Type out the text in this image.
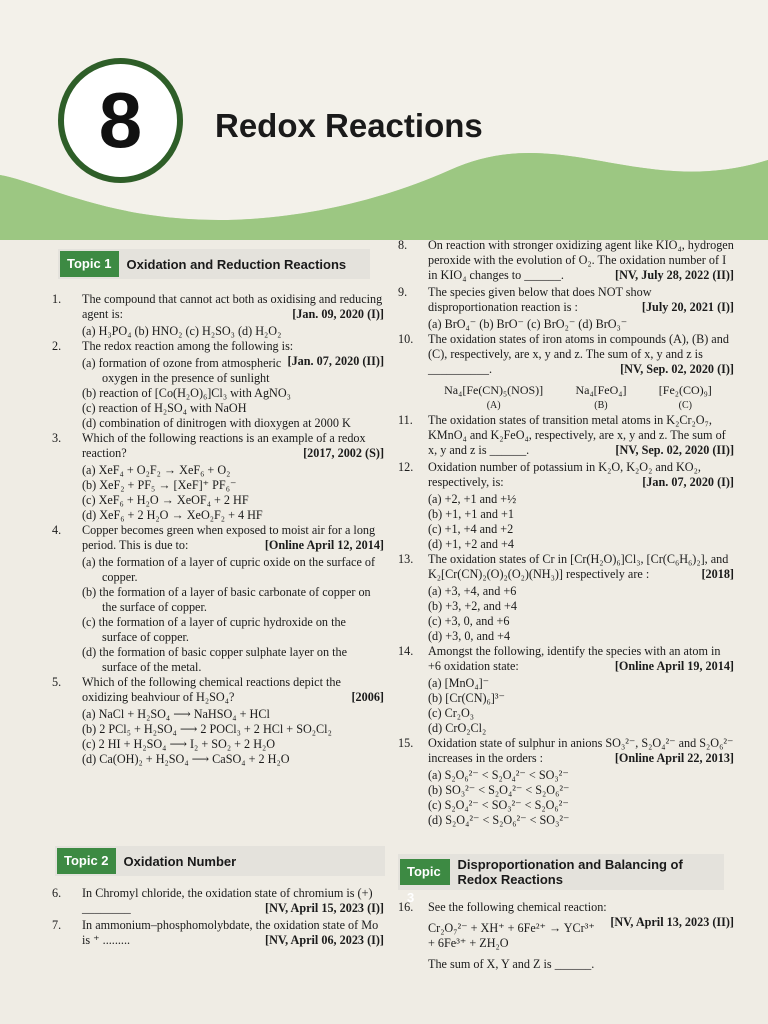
8	Redox Reactions
Topic 1	Oxidation and Reduction Reactions
1.	The compound that cannot act both as oxidising and reducing agent is:	[Jan. 09, 2020 (I)]
(a) H₃PO₄ (b) HNO₂ (c) H₂SO₃ (d) H₂O₂
2.	The redox reaction among the following is:
[Jan. 07, 2020 (II)]
(a) formation of ozone from atmospheric oxygen in the presence of sunlight
(b) reaction of [Co(H₂O)₆]Cl₃ with AgNO₃
(c) reaction of H₂SO₄ with NaOH
(d) combination of dinitrogen with dioxygen at 2000 K
3.	Which of the following reactions is an example of a redox reaction?	[2017, 2002 (S)]
(a) XeF₄ + O₂F₂ → XeF₆ + O₂
(b) XeF₂ + PF₅ → [XeF]⁺ PF₆⁻
(c) XeF₆ + H₂O → XeOF₄ + 2 HF
(d) XeF₆ + 2 H₂O → XeO₂F₂ + 4 HF
4.	Copper becomes green when exposed to moist air for a long period. This is due to:	[Online April 12, 2014]
(a) the formation of a layer of cupric oxide on the surface of copper.
(b) the formation of a layer of basic carbonate of copper on the surface of copper.
(c) the formation of a layer of cupric hydroxide on the surface of copper.
(d) the formation of basic copper sulphate layer on the surface of the metal.
5.	Which of the following chemical reactions depict the oxidizing beahviour of H₂SO₄?	[2006]
(a) NaCl + H₂SO₄ ⟶ NaHSO₄ + HCl
(b) 2 PCl₅ + H₂SO₄ ⟶ 2 POCl₃ + 2 HCl + SO₂Cl₂
(c) 2 HI + H₂SO₄ ⟶ I₂ + SO₂ + 2 H₂O
(d) Ca(OH)₂ + H₂SO₄ ⟶ CaSO₄ + 2 H₂O
Topic 2	Oxidation Number
6.	In Chromyl chloride, the oxidation state of chromium is (+) ________	[NV, April 15, 2023 (I)]
7.	In ammonium–phosphomolybdate, the oxidation state of Mo is ⁺ .........	[NV, April 06, 2023 (I)]
8.	On reaction with stronger oxidizing agent like KIO₄, hydrogen peroxide with the evolution of O₂. The oxidation number of I in KIO₄ changes to ______.	[NV, July 28, 2022 (II)]
9.	The species given below that does NOT show disproportionation reaction is :	[July 20, 2021 (I)]
(a) BrO₄⁻ (b) BrO⁻ (c) BrO₂⁻ (d) BrO₃⁻
10.	The oxidation states of iron atoms in compounds (A), (B) and (C), respectively, are x, y and z. The sum of x, y and z is __________.	[NV, Sep. 02, 2020 (I)]
Na₄[Fe(CN)₅(NOS)]
(A)
Na₄[FeO₄]
(B)
[Fe₂(CO)₉]
(C)
11.	The oxidation states of transition metal atoms in K₂Cr₂O₇, KMnO₄ and K₂FeO₄, respectively, are x, y and z. The sum of x, y and z is ______.	[NV, Sep. 02, 2020 (II)]
12.	Oxidation number of potassium in K₂O, K₂O₂ and KO₂, respectively, is:	[Jan. 07, 2020 (I)]
(a) +2, +1 and +½
(b) +1, +1 and +1
(c) +1, +4 and +2
(d) +1, +2 and +4
13.	The oxidation states of Cr in [Cr(H₂O)₆]Cl₃, [Cr(C₆H₆)₂], and K₂[Cr(CN)₂(O)₂(O₂)(NH₃)] respectively are :	[2018]
(a) +3, +4, and +6
(b) +3, +2, and +4
(c) +3, 0, and +6
(d) +3, 0, and +4
14.	Amongst the following, identify the species with an atom in +6 oxidation state:	[Online April 19, 2014]
(a) [MnO₄]⁻
(b) [Cr(CN)₆]³⁻
(c) Cr₂O₃
(d) CrO₂Cl₂
15.	Oxidation state of sulphur in anions SO₃²⁻, S₂O₄²⁻ and S₂O₆²⁻ increases in the orders :	[Online April 22, 2013]
(a) S₂O₆²⁻ < S₂O₄²⁻ < SO₃²⁻
(b) SO₃²⁻ < S₂O₄²⁻ < S₂O₆²⁻
(c) S₂O₄²⁻ < SO₃²⁻ < S₂O₆²⁻
(d) S₂O₄²⁻ < S₂O₆²⁻ < SO₃²⁻
Topic 3
Disproportionation and Balancing of Redox Reactions
16.	See the following chemical reaction:
[NV, April 13, 2023 (II)]
Cr₂O₇²⁻ + XH⁺ + 6Fe²⁺ → YCr³⁺ + 6Fe³⁺ + ZH₂O
The sum of X, Y and Z is ______.
